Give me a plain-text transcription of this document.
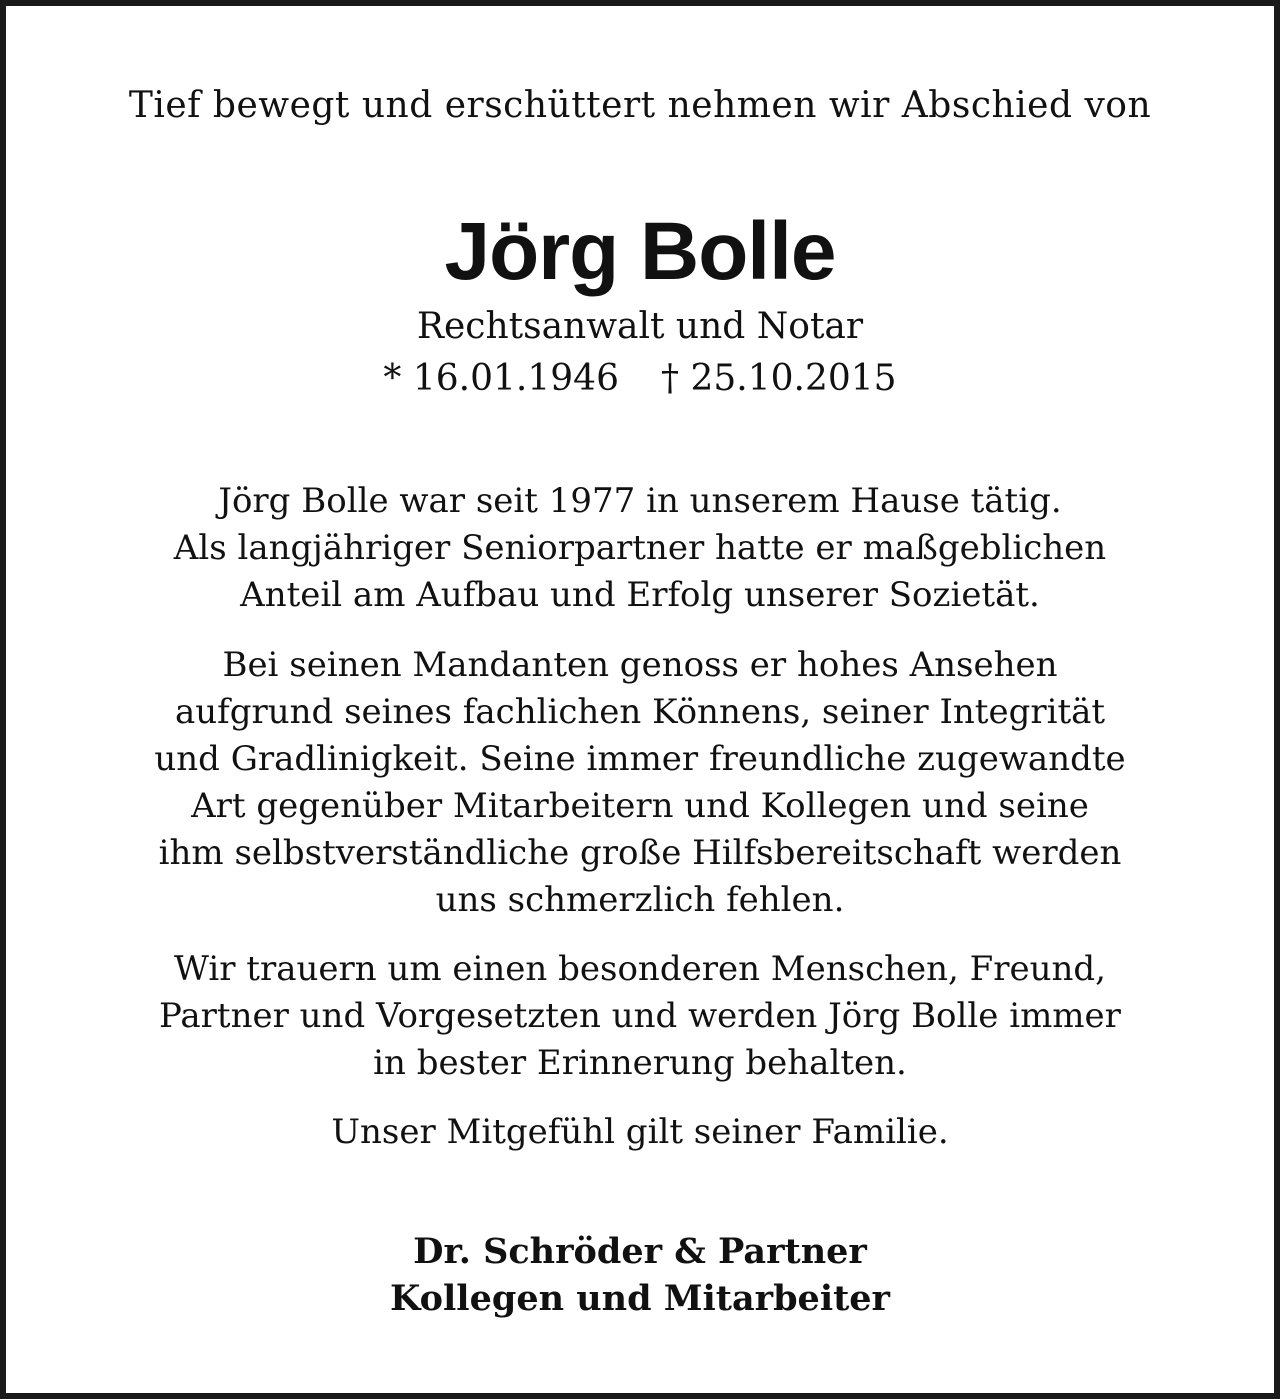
Tief bewegt und erschüttert nehmen wir Abschied von
Jörg Bolle
Rechtsanwalt und Notar
* 16.01.1946 † 25.10.2015
Jörg Bolle war seit 1977 in unserem Hause tätig.
Als langjähriger Seniorpartner hatte er maßgeblichen
Anteil am Aufbau und Erfolg unserer Sozietät.
Bei seinen Mandanten genoss er hohes Ansehen
aufgrund seines fachlichen Könnens, seiner Integrität
und Gradlinigkeit. Seine immer freundliche zugewandte
Art gegenüber Mitarbeitern und Kollegen und seine
ihm selbstverständliche große Hilfsbereitschaft werden
uns schmerzlich fehlen.
Wir trauern um einen besonderen Menschen, Freund,
Partner und Vorgesetzten und werden Jörg Bolle immer
in bester Erinnerung behalten.
Unser Mitgefühl gilt seiner Familie.
Dr. Schröder & Partner
Kollegen und Mitarbeiter
